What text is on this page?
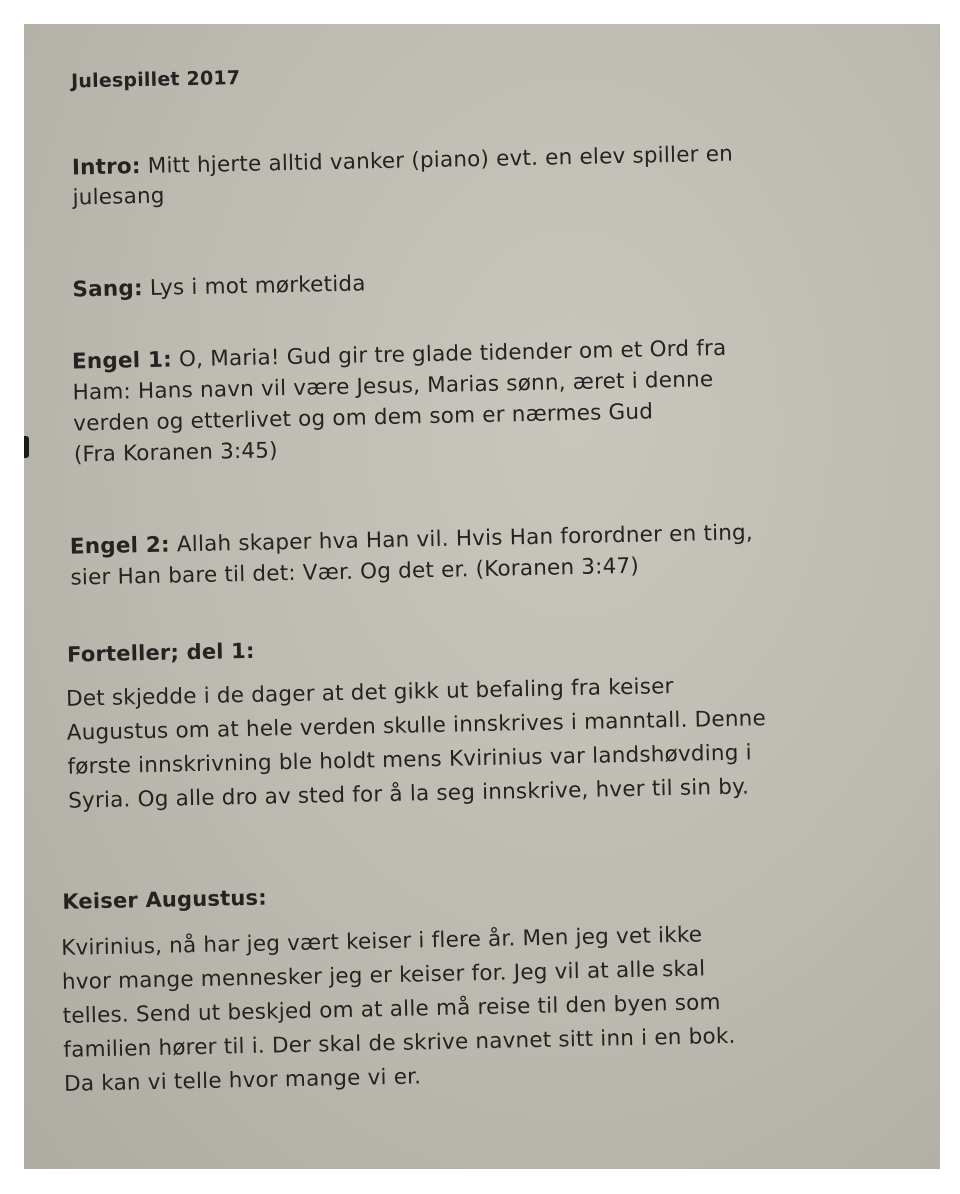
Julespillet 2017
Intro: Mitt hjerte alltid vanker (piano) evt. en elev spiller en
julesang
Sang: Lys i mot mørketida
Engel 1: O, Maria! Gud gir tre glade tidender om et Ord fra
Ham: Hans navn vil være Jesus, Marias sønn, æret i denne
verden og etterlivet og om dem som er nærmes Gud
(Fra Koranen 3:45)
Engel 2: Allah skaper hva Han vil. Hvis Han forordner en ting,
sier Han bare til det: Vær. Og det er. (Koranen 3:47)
Forteller; del 1:
Det skjedde i de dager at det gikk ut befaling fra keiser
Augustus om at hele verden skulle innskrives i manntall. Denne
første innskrivning ble holdt mens Kvirinius var landshøvding i
Syria. Og alle dro av sted for å la seg innskrive, hver til sin by.
Keiser Augustus:
Kvirinius, nå har jeg vært keiser i flere år. Men jeg vet ikke
hvor mange mennesker jeg er keiser for. Jeg vil at alle skal
telles. Send ut beskjed om at alle må reise til den byen som
familien hører til i. Der skal de skrive navnet sitt inn i en bok.
Da kan vi telle hvor mange vi er.
